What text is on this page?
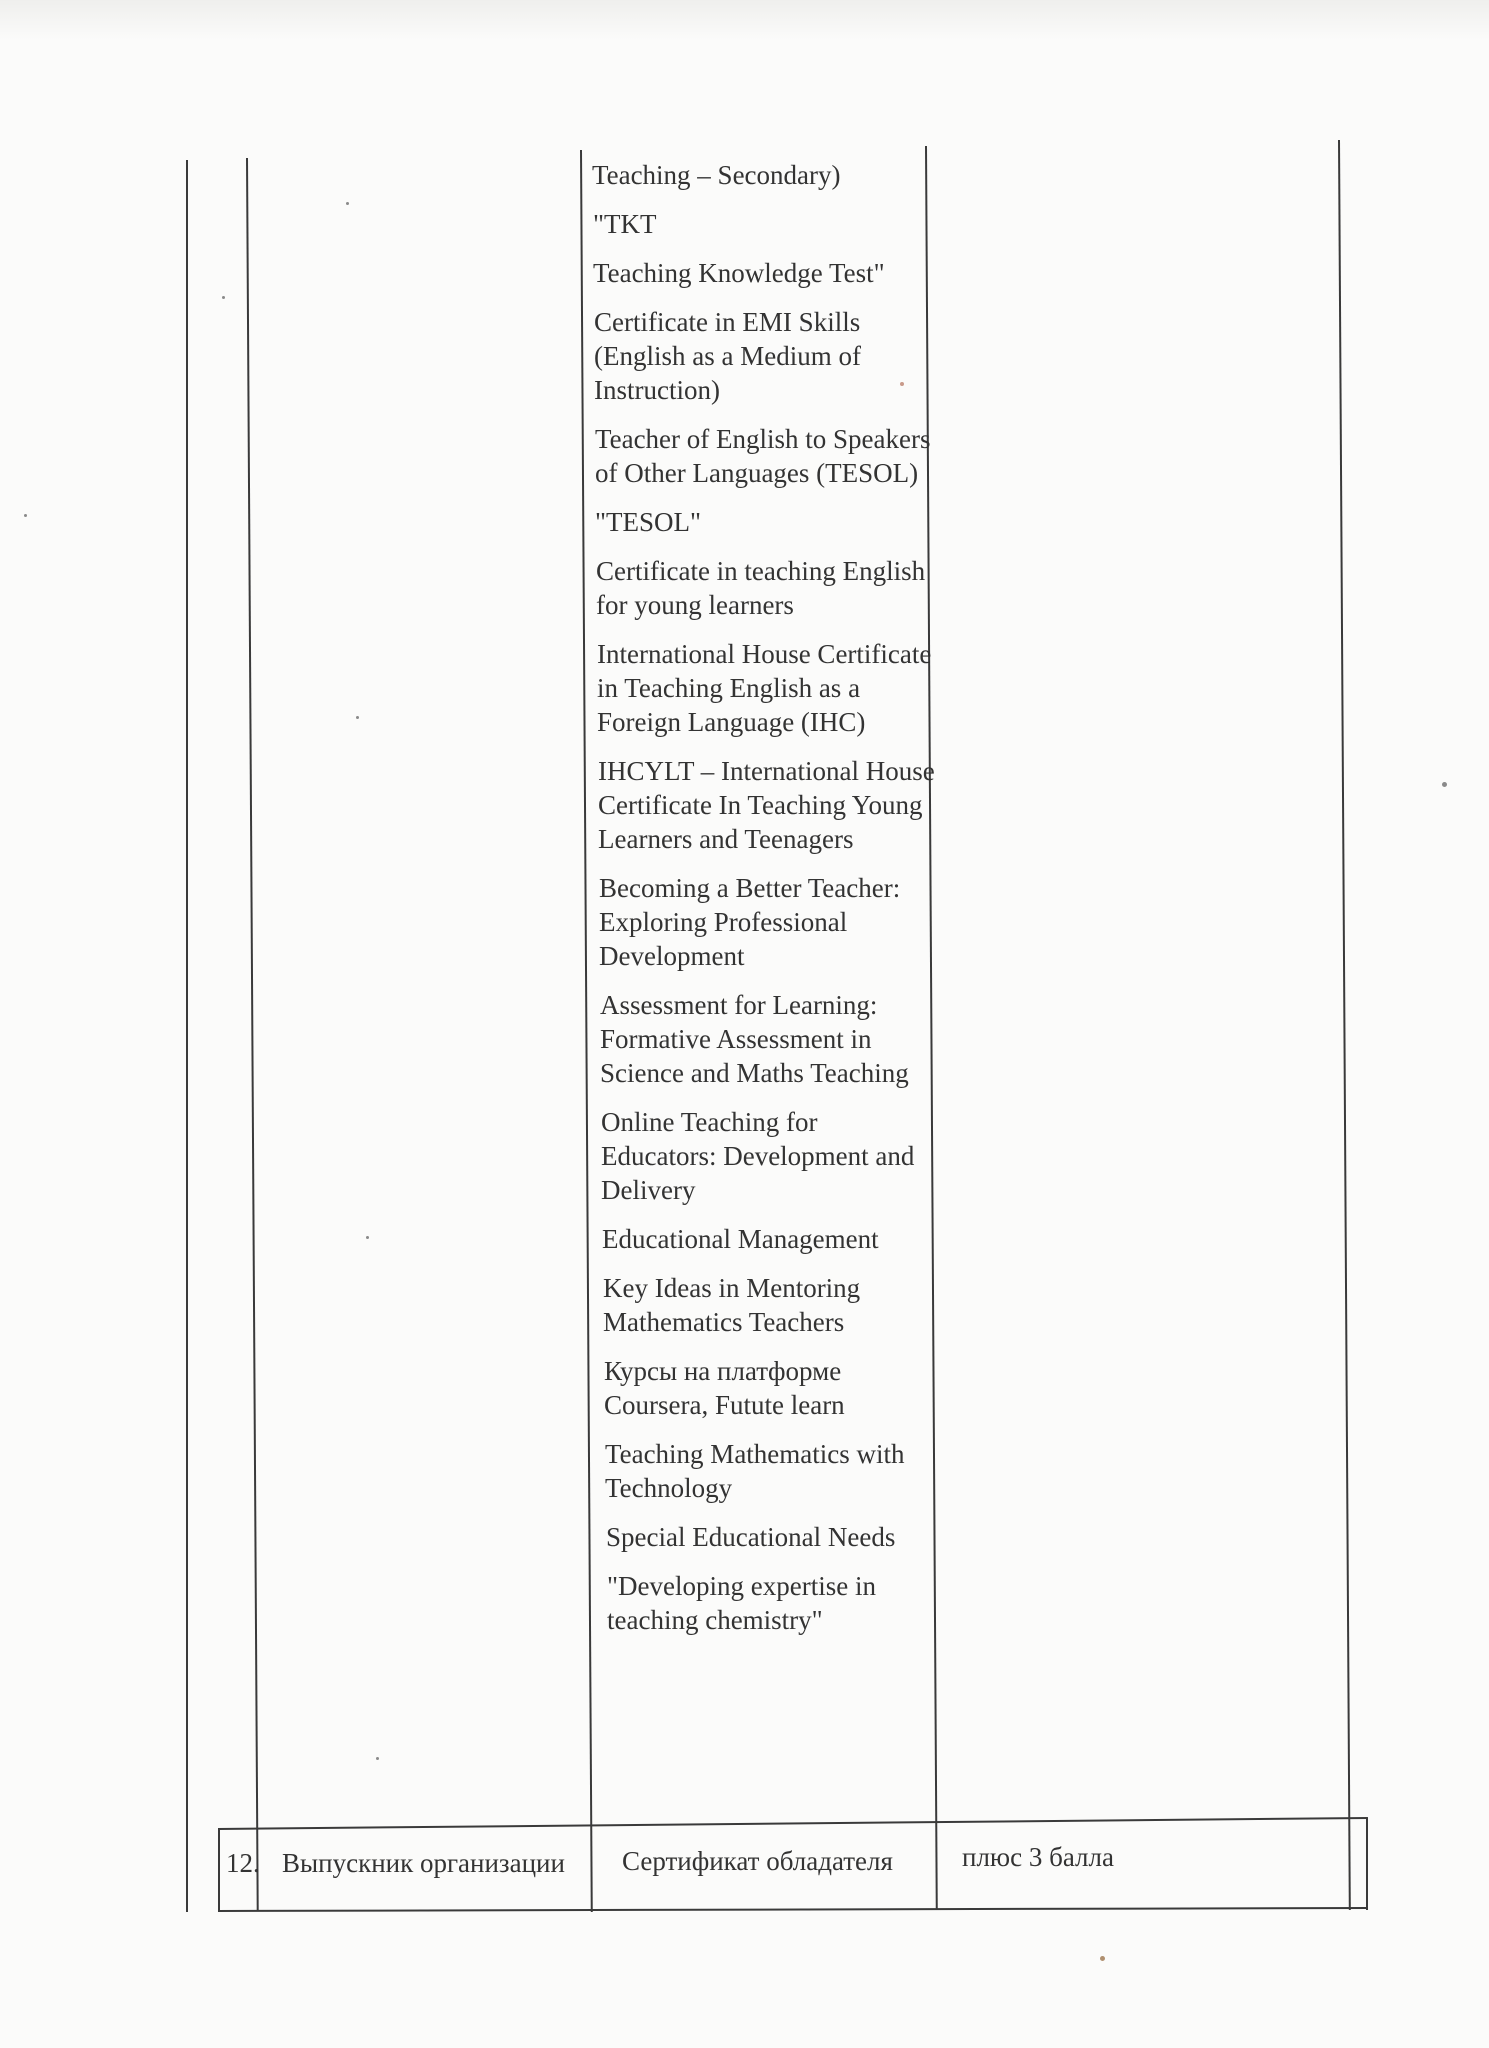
Teaching – Secondary)
"TKT
Teaching Knowledge Test"
Certificate in EMI Skills (English as a Medium of Instruction)
Teacher of English to Speakers of Other Languages (TESOL)
"TESOL"
Certificate in teaching English for young learners
International House Certificate in Teaching English as a Foreign Language (IHC)
IHCYLT – International House Certificate In Teaching Young Learners and Teenagers
Becoming a Better Teacher: Exploring Professional Development
Assessment for Learning: Formative Assessment in Science and Maths Teaching
Online Teaching for Educators: Development and Delivery
Educational Management
Key Ideas in Mentoring Mathematics Teachers
Курсы на платформе Coursera, Futute learn
Teaching Mathematics with Technology
Special Educational Needs
"Developing expertise in teaching chemistry"
12. Выпускник организации Сертификат обладателя	плюс 3 балла
